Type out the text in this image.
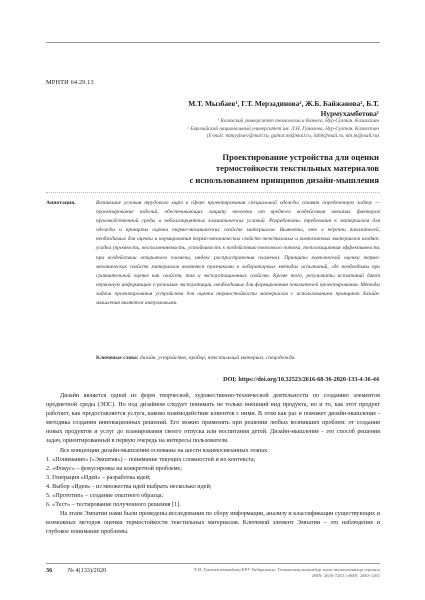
МРНТИ 64.29.13
М.Т. Мызбаев¹, Г.Т. Мерзадинова², Ж.Б. Байжанова², Б.Т. Нурмухамбетова¹
¹ Казахский университет технологии и бизнеса, Нур-Султан, Казахстан
² Евразийский национальный университет им. Л.Н. Гумилева, Нур-Султан, Казахстан
(E-mail: mtmyzbaev@mail.ru, gulnar.mt@mail.ru, bzhb@mail.ru, nbt.m@mail.ru)
Проектирование устройства для оценки
термостойкости текстильных материалов
с использованием принципов дизайн-мышления
Аннотация.	Возникшие условия трудового мира в сфере проектирования специальной одежды ставят определенную задачу — проектирование изделий, обеспечивающих защиту человека от вредного воздействия внешних факторов производственной среды и неблагоприятных климатических условий. Разработаны требования к материалам для одежды и принципы оценки термо-механических свойств материалов. Выявлены, что в перечни показателей, необходимых для оценки и нормирования термо-механических свойств текстильных и композитных материалов входят: усадка (прочность, воспламеняемость, устойчивость к воздействию теплового потока, теплозащитная эффективность при воздействии открытого пламени, индекс распространения пламени). Принципы комплексной оценки термо-механических свойств материалов являются признаками в лабораторных методах испытаний, где необходимы при сравнительной оценке как свойств, так и эксплуатационных свойств. Кроме того, результаты испытаний дают первичную информацию о режимах эксплуатации, необходимых для формирования показателей проектирования. Методы задачи проектирования устройства для оценки термостойкости материалов с использованием принципов дизайн-мышления являются актуальными.
Ключевые слова: дизайн, устройство, прибор, текстильный материал, спецодежда.
DOI: https://doi.org/10.32523/2616-68-36-2020-133-4-36-44

Дизайн является одной из форм творческой, художественно-технической деятельности по созданию элементов предметной среды (ЭПС). Но под дизайном следует понимать не только внешний вид продукта, но и то, как этот продукт работает, как предоставляется услуга, каково взаимодействие клиентов с ними. В этом как раз и поможет дизайн-мышление - методика создания инновационных решений. Его можно применять при решении любых возникших проблем: от создания новых продуктов и услуг до планирования своего отпуска или воспитания детей. Дизайн-мышление - это способ решения задач, ориентированный в первую очередь на интересы пользователя.

Все концепции дизайн-мышления основаны на шести взаимосвязанных этапах:

1. «Понимание» («Эмпатия») – понимание текущих сложностей и их контекста;
2. «Фокус» – фокусировка на конкретной проблеме;
3. Генерация «Идей» – разработка идей;
4. Выбор «Идеи» - из множества идей выбрать несколько идей;
5. «Прототип» – создание опытного образца;
6. «Тест» – тестирование полученного решения [1].

На этапе Эмпатии нами были проведены исследования по сбору информации, анализу и классификации существующих и возможных методов оценки термостойкости текстильных материалов. Ключевой элемент Эмпатии – это наблюдение и глубокое понимание проблемы.

36	№ 4(133)/2020	Л.Н. Гумилев атындағы ЕҰУ Хабаршысы. Техникалық ғылымдар және технологиялар сериясы
ISSN: 2616-7263, eISSN: 2663-1261
